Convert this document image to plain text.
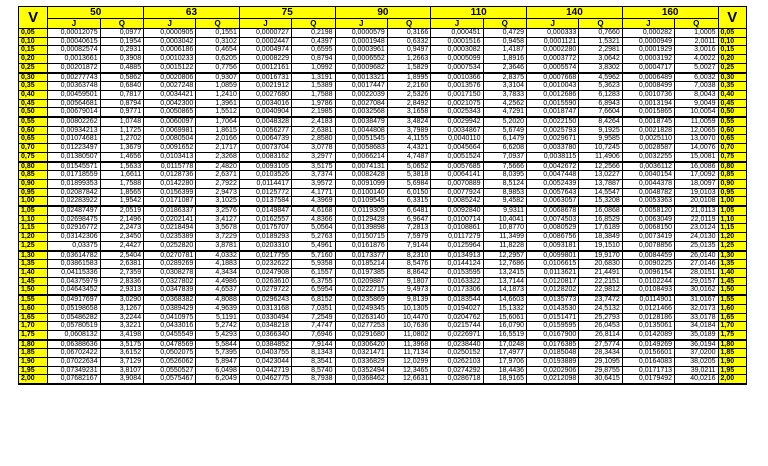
V	50		63		75		90		110		140		160		V
	J	Q	J	Q	J	Q	J	Q	J	Q	J	Q	J	Q	
0,05	0,0001207​5	0,0977	0,0000905	0,1551	0,0000727	0,2198	0,0000579	0,3166	0,000451	0,4729	0,000333	0,7660	0,000282	1,0005	0,05
0,10	0,0004061​5	0,1954	0,0003042	0,3102	0,0002447	0,4397	0,0001948	0,6332	0,0001516	0,9458	0,0001121	1,5321	0,0000949	2,0011	0,10
0,15	0,0008257​4	0,2931	0,0006186	0,4654	0,0004974	0,6595	0,0003961	0,9497	0,0003082	1,4187	0,0002280	2,2981	0,0001929	3,0016	0,15
0,20	0,0013661	0,3908	0,0010233	0,6205	0,0008229	0,8794	0,0006552	1,2663	0,0005099	1,8916	0,0003772	3,0642	0,0003192	4,0022	0,20
0,25	0,0020187​2	0,4885	0,0015122	0,7756	0,0012161	1,0992	0,0009682	1,5829	0,0007534	2,3646	0,0005574	3,8302	0,0004717	5,0027	0,25
0,30	0,0027774​3	0,5862	0,0020806	0,9307	0,0016731	1,3191	0,0013321	1,8995	0,0010366	2,8375	0,0007668	4,5962	0,0006489	6,0032	0,30
0,35	0,0036374​8	0,6840	0,0027248	1,0859	0,0021912	1,5389	0,0017447	2,2160	0,0013576	3,3104	0,0010043	5,3623	0,0008499	7,0038	0,35
0,40	0,0045950​1	0,7817	0,0034421	1,2410	0,0027680	1,7588	0,0022039	2,5326	0,0017150	3,7833	0,0012686	6,1283	0,0010736	8,0043	0,40
0,45	0,0056468​1	0,8794	0,0042300	1,3961	0,0034016	1,9786	0,0027084	2,8492	0,0021075	4,2562	0,0015590	6,8943	0,0013194	9,0049	0,45
0,50	0,0067901​4	0,9771	0,0050865	1,5512	0,0040904	2,1985	0,0032568	3,1658	0,0025343	4,7291	0,0018747	7,6604	0,0015865	10,0054	0,50
0,55	0,0080226​2	1,0748	0,0060097	1,7064	0,0048328	2,4183	0,0038479	3,4824	0,0029942	5,2020	0,0022150	8,4264	0,0018745	11,0059	0,55
0,60	0,0093421​3	1,1725	0,0069981	1,8615	0,0056277	2,6381	0,0044808	3,7989	0,0034867	5,6749	0,0025793	9,1925	0,0021828	12,0065	0,60
0,65	0,0107468​1	1,2702	0,0080504	2,0166	0,0064739	2,8580	0,0051545	4,1155	0,0040110	6,1479	0,0029671	9,9585	0,0025110	13,0070	0,65
0,70	0,0122349​7	1,3679	0,0091652	2,1717	0,0073704	3,0778	0,0058683	4,4321	0,0045664	6,6208	0,0033780	10,7245	0,0028587	14,0076	0,70
0,75	0,0138050​7	1,4656	0,0103413	2,3268	0,0083162	3,2977	0,0066214	4,7487	0,0051524	7,0937	0,0038115	11,4906	0,0032255	15,0081	0,75
0,80	0,0154557​1	1,5633	0,0115778	2,4820	0,0093105	3,5175	0,0074131	5,0652	0,0057685	7,5666	0,0042672	12,2566	0,0036112	16,0086	0,80
0,85	0,0171855​9	1,6611	0,0128736	2,6371	0,0103526	3,7374	0,0082428	5,3818	0,0064141	8,0395	0,0047448	13,0227	0,0040154	17,0092	0,85
0,90	0,0189935​3	1,7588	0,0142280	2,7922	0,0114417	3,9572	0,0091099	5,6984	0,0070889	8,5124	0,0052439	13,7887	0,0044378	18,0097	0,90
0,95	0,0208784​2	1,8565	0,0156399	2,9473	0,0125772	4,1771	0,0100140	6,0150	0,0077924	8,9853	0,0057643	14,5547	0,0048782	19,0103	0,95
1,00	0,0228392​2	1,9542	0,0171087	3,1025	0,0137584	4,3969	0,0109545	6,3315	0,0085242	9,4582	0,0063057	15,3208	0,0053363	20,0108	1,00
1,05	0,0248749​7	2,0519	0,0186337	3,2576	0,0149847	4,6168	0,0119309	6,6481	0,0092840	9,9311	0,0068678	16,0868	0,0058120	21,0113	1,05
1,10	0,0269847​5	2,1496	0,0202141	3,4127	0,0162557	4,8366	0,0129428	6,9647	0,0100714	10,4041	0,0074503	16,8529	0,0063049	22,0119	1,10
1,15	0,0291677​2	2,2473	0,0218494	3,5678	0,0175707	5,0564	0,0139898	7,2813	0,0108861	10,8770	0,0080529	17,6189	0,0068150	23,0124	1,15
1,20	0,0314230​6	2,3450	0,0235389	3,7229	0,0189293	5,2763	0,0150715	7,5979	0,0117279	11,3499	0,0086756	18,3849	0,0073419	24,0130	1,20
1,25	0,03375	2,4427	0,0252820	3,8781	0,0203310	5,4961	0,0161876	7,9144	0,0125964	11,8228	0,0093181	19,1510	0,0078856	25,0135	1,25
1,30	0,0361478​2	2,5404	0,0270781	4,0332	0,0217755	5,7160	0,0173377	8,2310	0,0134913	12,2957	0,0099801	19,9170	0,0084459	26,0140	1,30
1,35	0,0386158​3	2,6381	0,0289269	4,1883	0,0232622	5,9358	0,0185214	8,5476	0,0144124	12,7686	0,0106615	20,6830	0,0090225	27,0146	1,35
1,40	0,0411533​6	2,7359	0,0308278	4,3434	0,0247908	6,1557	0,0197385	8,8642	0,0153595	13,2415	0,0113621	21,4491	0,0096154	28,0151	1,40
1,45	0,0437597​9	2,8336	0,0327802	4,4986	0,0263610	6,3755	0,0209887	9,1807	0,0163322	13,7144	0,0120817	22,2151	0,0102244	29,0157	1,45
1,50	0,0464345​2	2,9313	0,0347839	4,6537	0,0279722	6,5954	0,0222715	9,4973	0,0173306	14,1873	0,0128202	22,9812	0,0108493	30,0162	1,50
1,55	0,0491769​7	3,0290	0,0368382	4,8088	0,0296243	6,8152	0,0235869	9,8139	0,0183544	14,6603	0,0135773	23,7472	0,0114901	31,0167	1,55
1,60	0,0519865​8	3,1267	0,0389429	4,9639	0,0313168	7,0351	0,0249345	10,1305	0,0194027	15,1332	0,0143530	24,5132	0,0121466	32,0173	1,60
1,65	0,0548628​2	3,2244	0,0410975	5,1191	0,0330494	7,2549	0,0263140	10,4470	0,0204762	15,6061	0,0151471	25,2793	0,0128186	33,0178	1,65
1,70	0,0578051​9	3,3221	0,0433016	5,2742	0,0348218	7,4747	0,0277253	10,7636	0,0215744	16,0790	0,0159595	26,0453	0,0135061	34,0184	1,70
1,75	0,0608132	3,4198	0,0455549	5,4293	0,0366340	7,6946	0,0291680	11,0802	0,0226971	16,5519	0,0167900	26,8114	0,0142089	35,0189	1,75
1,80	0,0638863​6	3,5175	0,0478569	5,5844	0,0384852	7,9144	0,0306420	11,3968	0,0238440	17,0248	0,0176385	27,5774	0,0149269	36,0194	1,80
1,85	0,0670242​2	3,6152	0,0502075	5,7395	0,0403755	8,1343	0,0321471	11,7134	0,0250152	17,4977	0,0185048	28,3434	0,0156601	37,0200	1,85
1,90	0,0702263​4	3,7129	0,0526062	5,8947	0,0423044	8,3541	0,0336829	12,0299	0,0262103	17,9706	0,0193889	29,1095	0,0164083	38,0205	1,90
1,95	0,0734923​1	3,8107	0,0550527	6,0498	0,0442719	8,5740	0,0352494	12,3465	0,0274292	18,4436	0,0202906	29,8755	0,0171713	39,0211	1,95
2,00	0,0768216​7	3,9084	0,0575467	6,2049	0,0462775	8,7938	0,0368462	12,6631	0,0286718	18,9165	0,0212098	30,6415	0,0179492	40,0216	2,00
